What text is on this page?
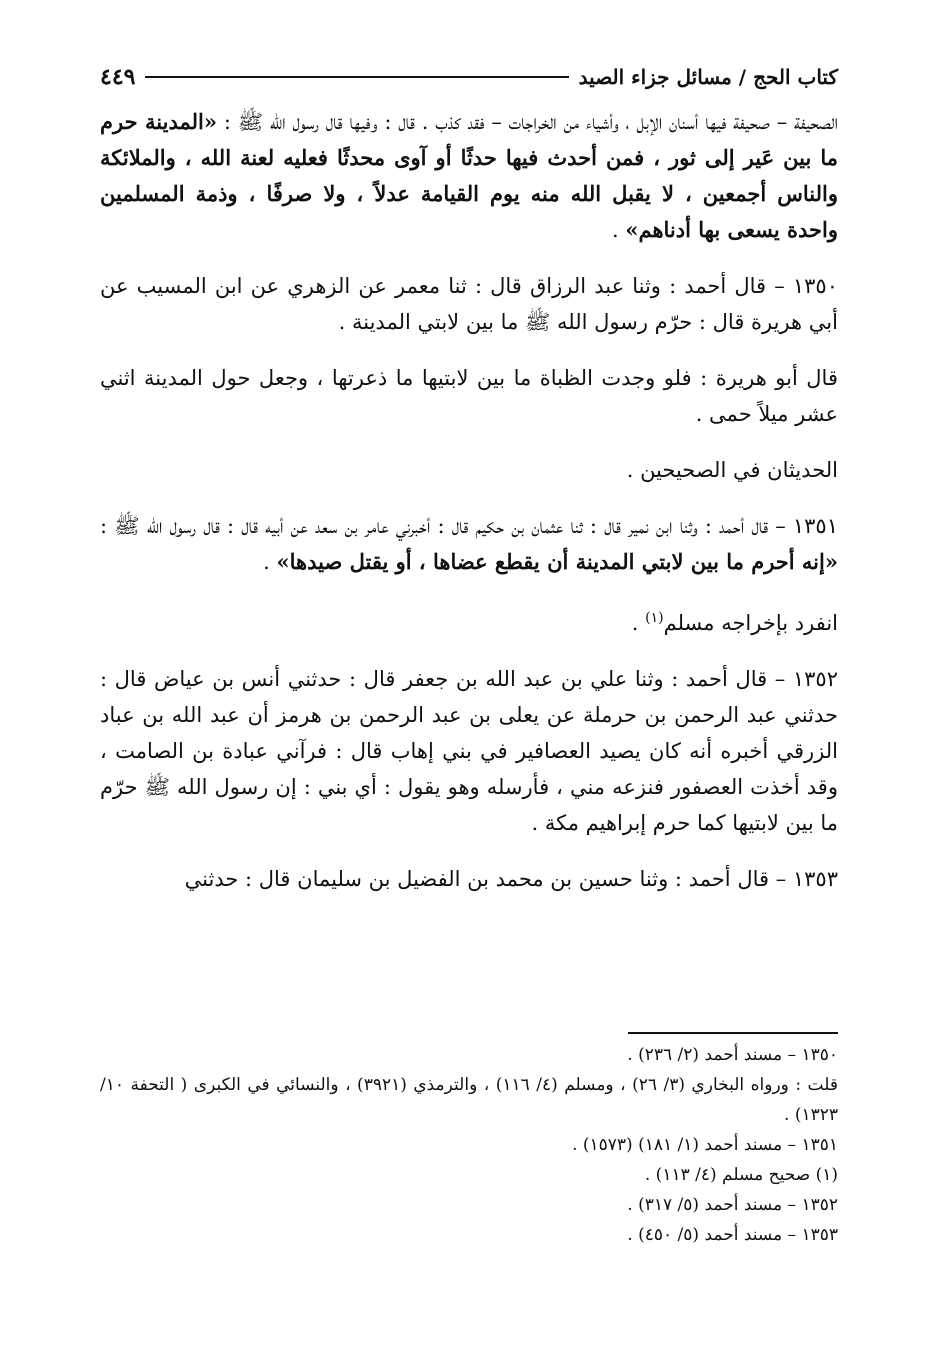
كتاب الحج / مسائل جزاء الصيد
٤٤٩

الصحيفة – صحيفة فيها أسنان الإبل ، وأشياء من الخراجات – فقد كذب . قال : وفيها قال رسول الله ﷺ : «المدينة حرم ما بين عَير إلى ثور ، فمن أحدث فيها حدثًا أو آوى محدثًا فعليه لعنة الله ، والملائكة والناس أجمعين ، لا يقبل الله منه يوم القيامة عدلاً ، ولا صرفًا ، وذمة المسلمين واحدة يسعى بها أدناهم» .

١٣٥٠ – قال أحمد : وثنا عبد الرزاق قال : ثنا معمر عن الزهري عن ابن المسيب عن أبي هريرة قال : حرّم رسول الله ﷺ ما بين لابتي المدينة .

قال أبو هريرة : فلو وجدت الظباة ما بين لابتيها ما ذعرتها ، وجعل حول المدينة اثني عشر ميلاً حمى .

الحديثان في الصحيحين .

١٣٥١ – قال أحمد : وثنا ابن نمير قال : ثنا عثمان بن حكيم قال : أخبرني عامر بن سعد عن أبيه قال : قال رسول الله ﷺ : «إنه أحرم ما بين لابتي المدينة أن يقطع عضاها ، أو يقتل صيدها» .

انفرد بإخراجه مسلم$^{(١)}$ .

١٣٥٢ – قال أحمد : وثنا علي بن عبد الله بن جعفر قال : حدثني أنس بن عياض قال : حدثني عبد الرحمن بن حرملة عن يعلى بن عبد الرحمن بن هرمز أن عبد الله بن عباد الزرقي أخبره أنه كان يصيد العصافير في بني إهاب قال : فرآني عبادة بن الصامت ، وقد أخذت العصفور فنزعه مني ، فأرسله وهو يقول : أي بني : إن رسول الله ﷺ حرّم ما بين لابتيها كما حرم إبراهيم مكة .

١٣٥٣ – قال أحمد : وثنا حسين بن محمد بن الفضيل بن سليمان قال : حدثني

١٣٥٠ – مسند أحمد (٢/ ٢٣٦) .

قلت : ورواه البخاري (٣/ ٢٦) ، ومسلم (٤/ ١١٦) ، والترمذي (٣٩٢١) ، والنسائي في الكبرى ( التحفة ١٠/ ١٣٢٣) .

١٣٥١ – مسند أحمد (١/ ١٨١) (١٥٧٣) .

(١) صحيح مسلم (٤/ ١١٣) .

١٣٥٢ – مسند أحمد (٥/ ٣١٧) .

١٣٥٣ – مسند أحمد (٥/ ٤٥٠) .
